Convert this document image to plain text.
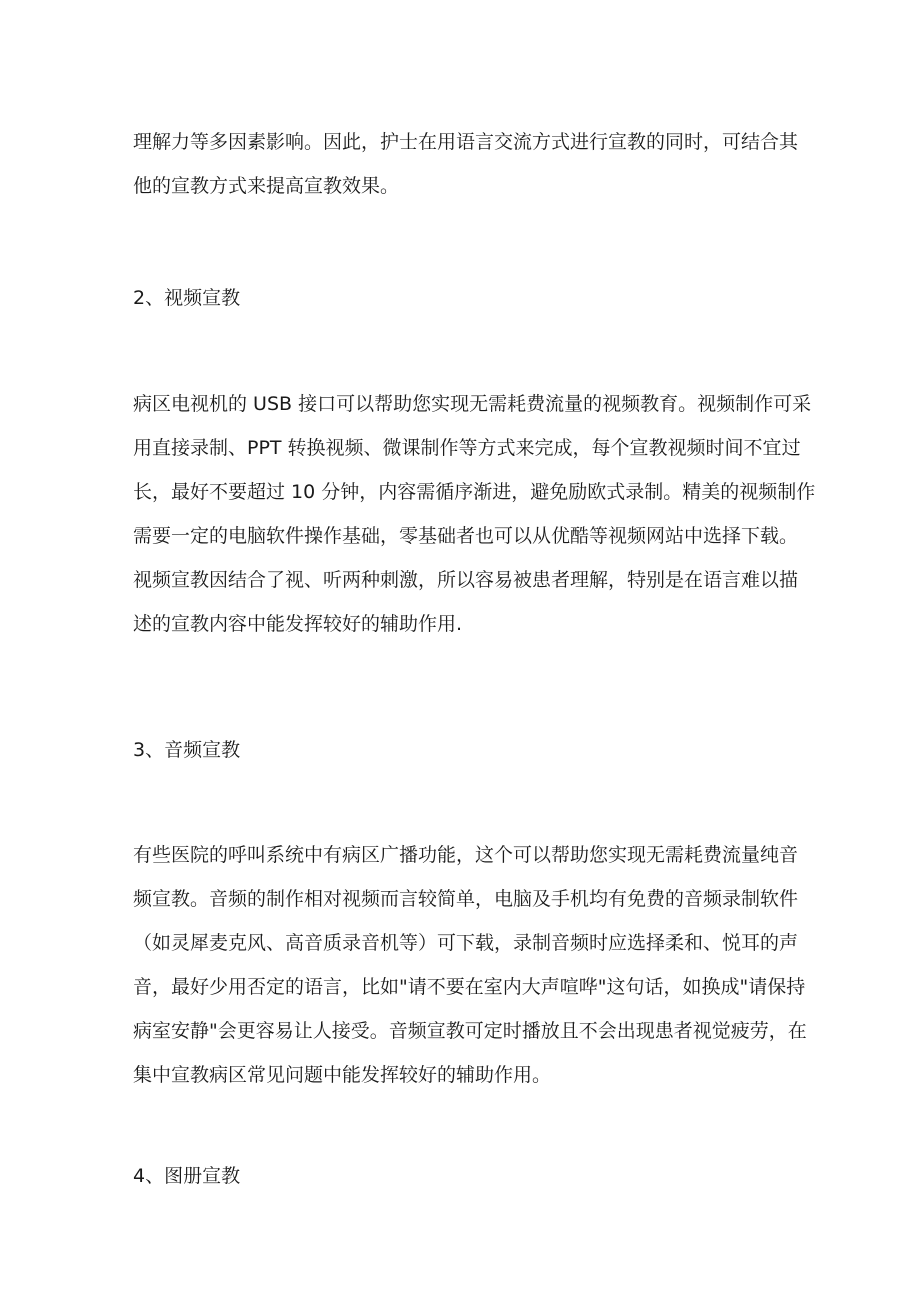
理解力等多因素影响。因此，护士在用语言交流方式进行宣教的同时，可结合其
他的宣教方式来提高宣教效果。
2、视频宣教
病区电视机的 USB 接口可以帮助您实现无需耗费流量的视频教育。视频制作可采
用直接录制、PPT 转换视频、微课制作等方式来完成，每个宣教视频时间不宜过
长，最好不要超过 10 分钟，内容需循序渐进，避免励欧式录制。精美的视频制作
需要一定的电脑软件操作基础，零基础者也可以从优酷等视频网站中选择下载。
视频宣教因结合了视、听两种刺激，所以容易被患者理解，特别是在语言难以描
述的宣教内容中能发挥较好的辅助作用.
3、音频宣教
有些医院的呼叫系统中有病区广播功能，这个可以帮助您实现无需耗费流量纯音
频宣教。音频的制作相对视频而言较简单，电脑及手机均有免费的音频录制软件
（如灵犀麦克风、高音质录音机等）可下载，录制音频时应选择柔和、悦耳的声
音，最好少用否定的语言，比如"请不要在室内大声喧哗"这句话，如换成"请保持
病室安静"会更容易让人接受。音频宣教可定时播放且不会出现患者视觉疲劳，在
集中宣教病区常见问题中能发挥较好的辅助作用。
4、图册宣教
